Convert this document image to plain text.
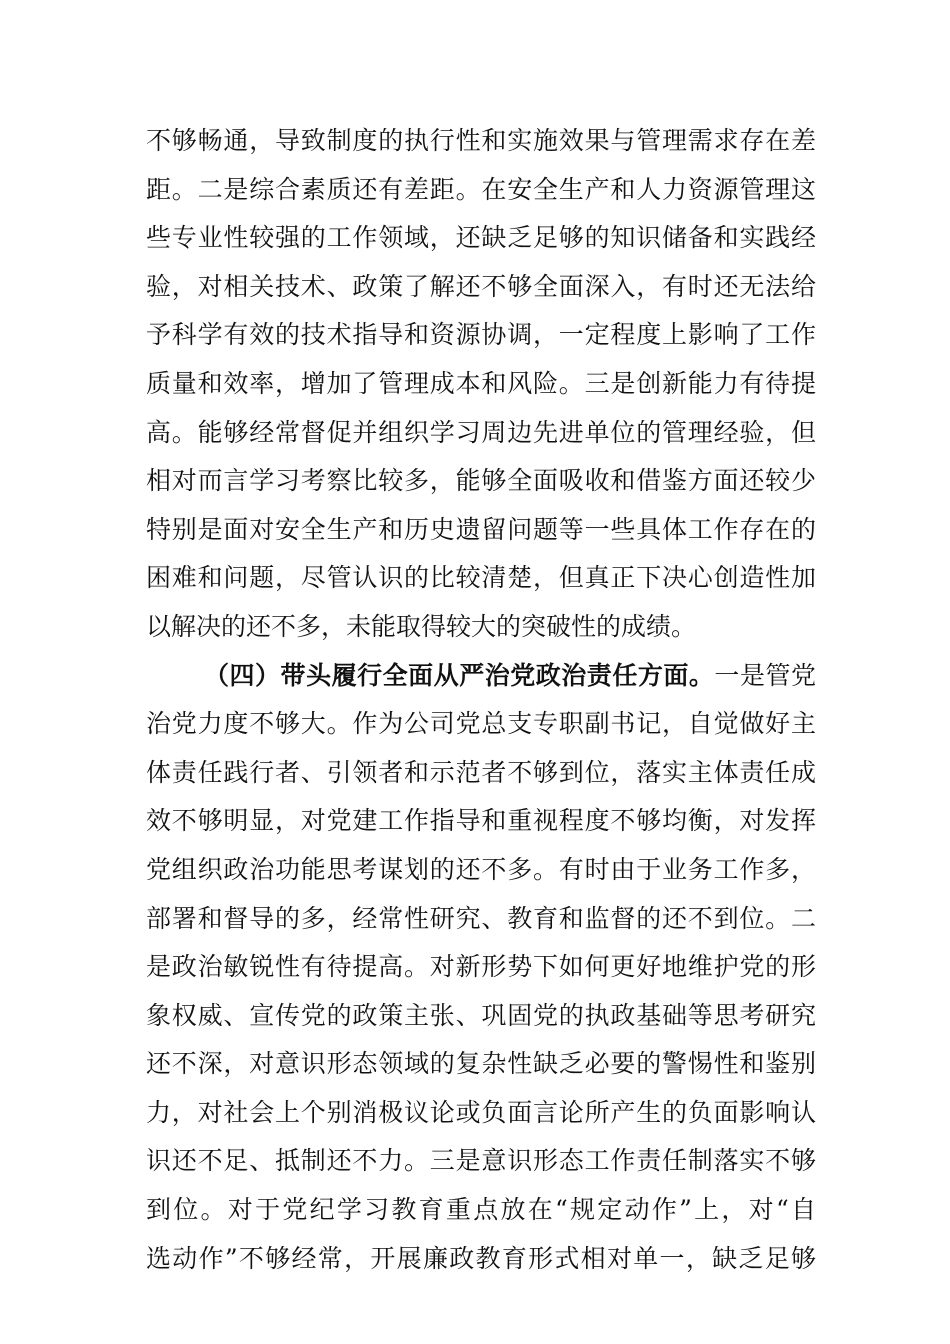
不够畅通，导致制度的执行性和实施效果与管理需求存在差
距。二是综合素质还有差距。在安全生产和人力资源管理这
些专业性较强的工作领域，还缺乏足够的知识储备和实践经
验，对相关技术、政策了解还不够全面深入，有时还无法给
予科学有效的技术指导和资源协调，一定程度上影响了工作
质量和效率，增加了管理成本和风险。三是创新能力有待提
高。能够经常督促并组织学习周边先进单位的管理经验，但
相对而言学习考察比较多，能够全面吸收和借鉴方面还较少
特别是面对安全生产和历史遗留问题等一些具体工作存在的
困难和问题，尽管认识的比较清楚，但真正下决心创造性加
以解决的还不多，未能取得较大的突破性的成绩。
（四）带头履行全面从严治党政治责任方面。一是管党
治党力度不够大。作为公司党总支专职副书记，自觉做好主
体责任践行者、引领者和示范者不够到位，落实主体责任成
效不够明显，对党建工作指导和重视程度不够均衡，对发挥
党组织政治功能思考谋划的还不多。有时由于业务工作多，
部署和督导的多，经常性研究、教育和监督的还不到位。二
是政治敏锐性有待提高。对新形势下如何更好地维护党的形
象权威、宣传党的政策主张、巩固党的执政基础等思考研究
还不深，对意识形态领域的复杂性缺乏必要的警惕性和鉴别
力，对社会上个别消极议论或负面言论所产生的负面影响认
识还不足、抵制还不力。三是意识形态工作责任制落实不够
到位。对于党纪学习教育重点放在“规定动作”上，对“自
选动作”不够经常，开展廉政教育形式相对单一，缺乏足够
